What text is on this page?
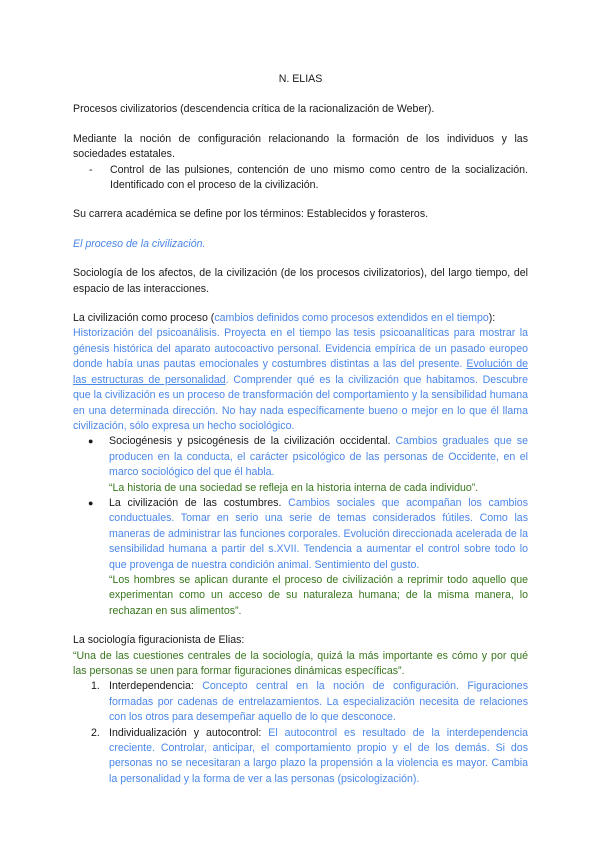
N. ELIAS

Procesos civilizatorios (descendencia crítica de la racionalización de Weber).

Mediante la noción de configuración relacionando la formación de los individuos y las sociedades estatales.

-	Control de las pulsiones, contención de uno mismo como centro de la socialización. Identificado con el proceso de la civilización.

Su carrera académica se define por los términos: Establecidos y forasteros.

El proceso de la civilización.

Sociología de los afectos, de la civilización (de los procesos civilizatorios), del largo tiempo, del espacio de las interacciones.

La civilización como proceso (cambios definidos como procesos extendidos en el tiempo):

Historización del psicoanálisis. Proyecta en el tiempo las tesis psicoanalíticas para mostrar la génesis histórica del aparato autocoactivo personal. Evidencia empírica de un pasado europeo donde había unas pautas emocionales y costumbres distintas a las del presente. Evolución de las estructuras de personalidad. Comprender qué es la civilización que habitamos. Descubre que la civilización es un proceso de transformación del comportamiento y la sensibilidad humana en una determinada dirección. No hay nada específicamente bueno o mejor en lo que él llama civilización, sólo expresa un hecho sociológico.

●	Sociogénesis y psicogénesis de la civilización occidental. Cambios graduales que se producen en la conducta, el carácter psicológico de las personas de Occidente, en el marco sociológico del que él habla.

“La historia de una sociedad se refleja en la historia interna de cada individuo”.

●	La civilización de las costumbres. Cambios sociales que acompañan los cambios conductuales. Tomar en serio una serie de temas considerados fútiles. Como las maneras de administrar las funciones corporales. Evolución direccionada acelerada de la sensibilidad humana a partir del s.XVII. Tendencia a aumentar el control sobre todo lo que provenga de nuestra condición animal. Sentimiento del gusto.

“Los hombres se aplican durante el proceso de civilización a reprimir todo aquello que experimentan como un acceso de su naturaleza humana; de la misma manera, lo rechazan en sus alimentos”.

La sociología figuracionista de Elias:

“Una de las cuestiones centrales de la sociología, quizá la más importante es cómo y por qué las personas se unen para formar figuraciones dinámicas específicas”.

1. Interdependencia: Concepto central en la noción de configuración. Figuraciones formadas por cadenas de entrelazamientos. La especialización necesita de relaciones con los otros para desempeñar aquello de lo que desconoce.

2. Individualización y autocontrol: El autocontrol es resultado de la interdependencia creciente. Controlar, anticipar, el comportamiento propio y el de los demás. Si dos personas no se necesitaran a largo plazo la propensión a la violencia es mayor. Cambia la personalidad y la forma de ver a las personas (psicologización).
